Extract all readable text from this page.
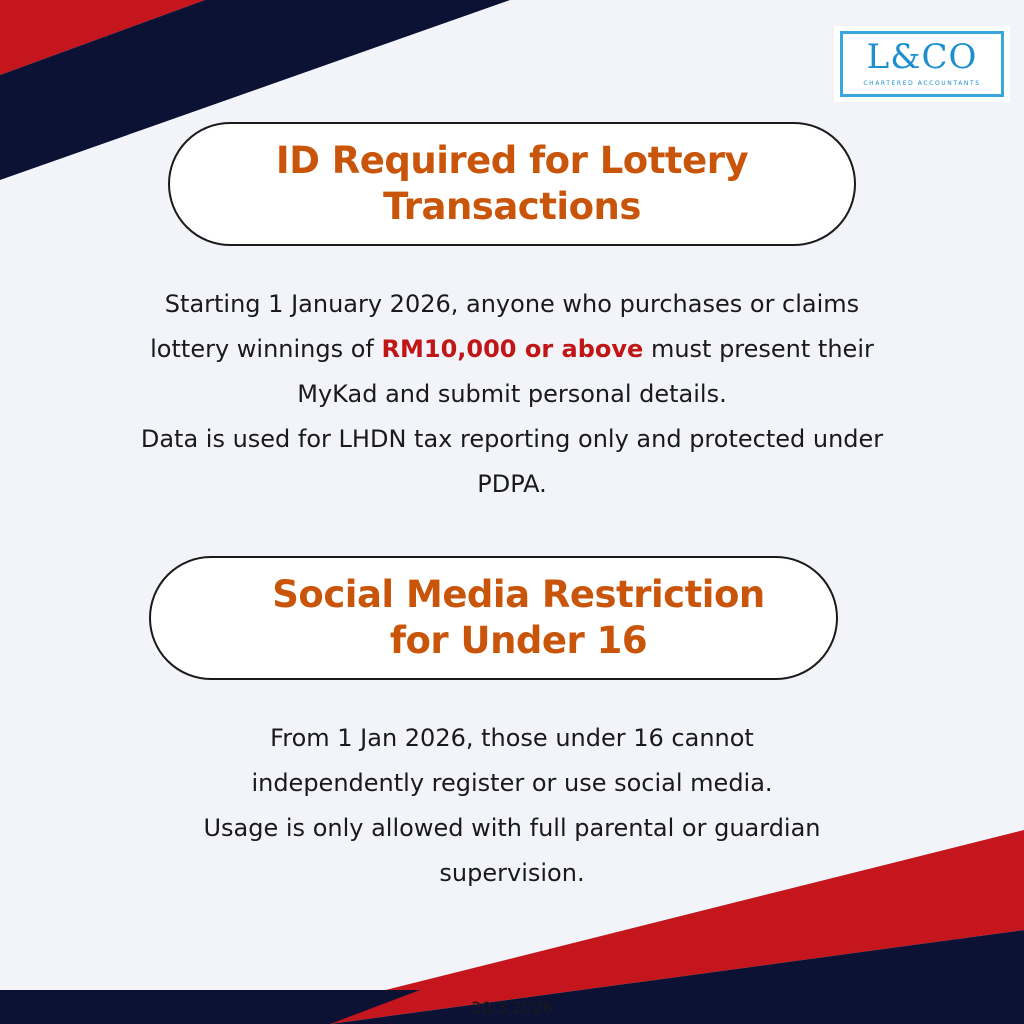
L&CO
CHARTERED ACCOUNTANTS
ID Required for Lottery
Transactions

Starting 1 January 2026, anyone who purchases or claims

lottery winnings of RM10,000 or above must present their

MyKad and submit personal details.

Data is used for LHDN tax reporting only and protected under

PDPA.

Social Media Restriction
for Under 16

From 1 Jan 2026, those under 16 cannot

independently register or use social media.

Usage is only allowed with full parental or guardian

supervision.

20.3.2026
